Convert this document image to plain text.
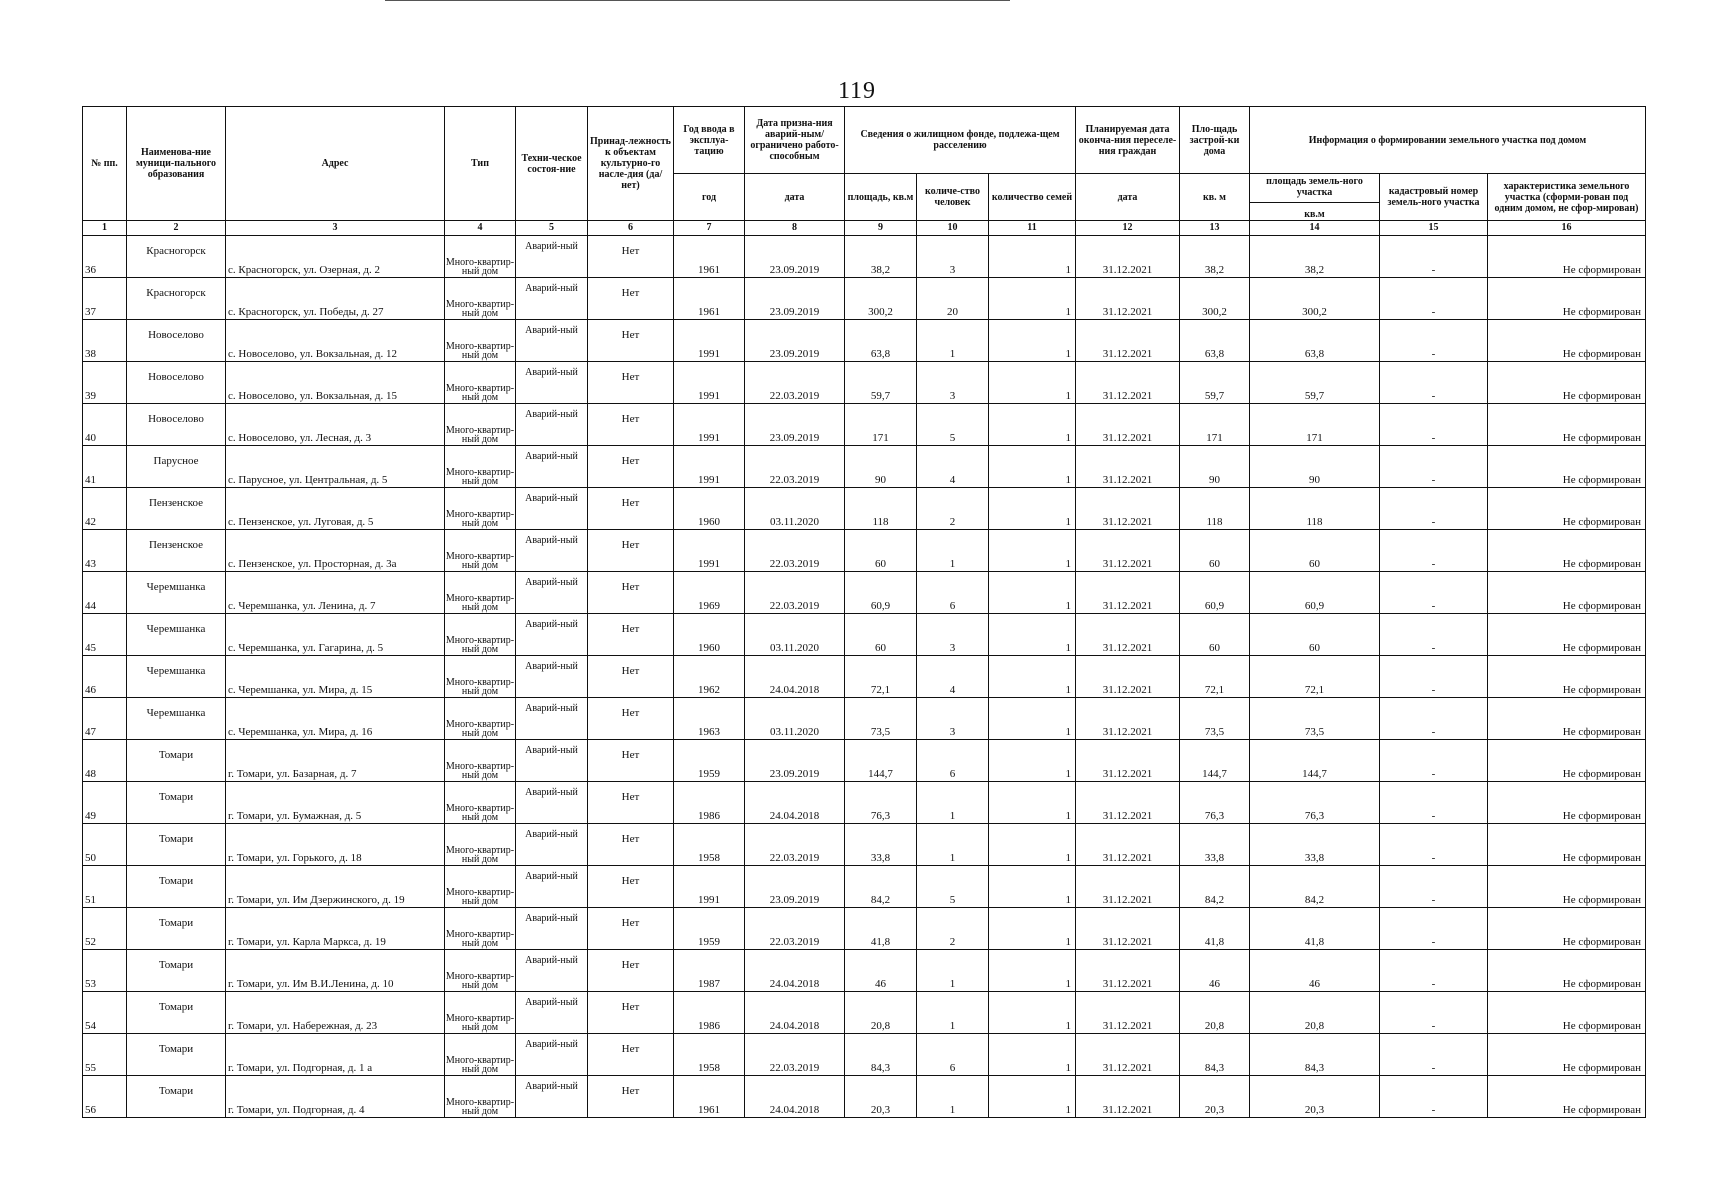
119
№ пп.	Наименова-ние муници-пального образования	Адрес	Тип	Техни-ческое состоя-ние	Принад-лежность к объектам культурно-го насле-дия (да/нет)	Год ввода в эксплуа-тацию	Дата призна-ния аварий-ным/ограничено работо-способным	Сведения о жилищном фонде, подлежа-щем расселению			Планируемая дата оконча-ния переселе-ния граждан	Пло-щадь застрой-ки дома	Информация о формировании земельного участка под домом		
						год	дата	площадь, кв.м	количе-ство человек	количество семей	дата	кв. м	площадь земель-ного участка
кв.м	кадастровый номер земель-ного участка	характеристика земельного участка (сформи-рован под одним домом, не сфор-мирован)
1	2	3	4	5	6	7	8	9	10	11	12	13	14	15	16
36	Красногорск	с. Красногорск, ул. Озерная, д. 2	Много-квартир-ный дом	Аварий-ный	Нет	1961	23.09.2019	38,2	3	1	31.12.2021	38,2	38,2	-	Не сформирован
37	Красногорск	с. Красногорск, ул. Победы, д. 27	Много-квартир-ный дом	Аварий-ный	Нет	1961	23.09.2019	300,2	20	1	31.12.2021	300,2	300,2	-	Не сформирован
38	Новоселово	с. Новоселово, ул. Вокзальная, д. 12	Много-квартир-ный дом	Аварий-ный	Нет	1991	23.09.2019	63,8	1	1	31.12.2021	63,8	63,8	-	Не сформирован
39	Новоселово	с. Новоселово, ул. Вокзальная, д. 15	Много-квартир-ный дом	Аварий-ный	Нет	1991	22.03.2019	59,7	3	1	31.12.2021	59,7	59,7	-	Не сформирован
40	Новоселово	с. Новоселово, ул. Лесная, д. 3	Много-квартир-ный дом	Аварий-ный	Нет	1991	23.09.2019	171	5	1	31.12.2021	171	171	-	Не сформирован
41	Парусное	с. Парусное, ул. Центральная, д. 5	Много-квартир-ный дом	Аварий-ный	Нет	1991	22.03.2019	90	4	1	31.12.2021	90	90	-	Не сформирован
42	Пензенское	с. Пензенское, ул. Луговая, д. 5	Много-квартир-ный дом	Аварий-ный	Нет	1960	03.11.2020	118	2	1	31.12.2021	118	118	-	Не сформирован
43	Пензенское	с. Пензенское, ул. Просторная, д. 3а	Много-квартир-ный дом	Аварий-ный	Нет	1991	22.03.2019	60	1	1	31.12.2021	60	60	-	Не сформирован
44	Черемшанка	с. Черемшанка, ул. Ленина, д. 7	Много-квартир-ный дом	Аварий-ный	Нет	1969	22.03.2019	60,9	6	1	31.12.2021	60,9	60,9	-	Не сформирован
45	Черемшанка	с. Черемшанка, ул. Гагарина, д. 5	Много-квартир-ный дом	Аварий-ный	Нет	1960	03.11.2020	60	3	1	31.12.2021	60	60	-	Не сформирован
46	Черемшанка	с. Черемшанка, ул. Мира, д. 15	Много-квартир-ный дом	Аварий-ный	Нет	1962	24.04.2018	72,1	4	1	31.12.2021	72,1	72,1	-	Не сформирован
47	Черемшанка	с. Черемшанка, ул. Мира, д. 16	Много-квартир-ный дом	Аварий-ный	Нет	1963	03.11.2020	73,5	3	1	31.12.2021	73,5	73,5	-	Не сформирован
48	Томари	г. Томари, ул. Базарная, д. 7	Много-квартир-ный дом	Аварий-ный	Нет	1959	23.09.2019	144,7	6	1	31.12.2021	144,7	144,7	-	Не сформирован
49	Томари	г. Томари, ул. Бумажная, д. 5	Много-квартир-ный дом	Аварий-ный	Нет	1986	24.04.2018	76,3	1	1	31.12.2021	76,3	76,3	-	Не сформирован
50	Томари	г. Томари, ул. Горького, д. 18	Много-квартир-ный дом	Аварий-ный	Нет	1958	22.03.2019	33,8	1	1	31.12.2021	33,8	33,8	-	Не сформирован
51	Томари	г. Томари, ул. Им Дзержинского, д. 19	Много-квартир-ный дом	Аварий-ный	Нет	1991	23.09.2019	84,2	5	1	31.12.2021	84,2	84,2	-	Не сформирован
52	Томари	г. Томари, ул. Карла Маркса, д. 19	Много-квартир-ный дом	Аварий-ный	Нет	1959	22.03.2019	41,8	2	1	31.12.2021	41,8	41,8	-	Не сформирован
53	Томари	г. Томари, ул. Им В.И.Ленина, д. 10	Много-квартир-ный дом	Аварий-ный	Нет	1987	24.04.2018	46	1	1	31.12.2021	46	46	-	Не сформирован
54	Томари	г. Томари, ул. Набережная, д. 23	Много-квартир-ный дом	Аварий-ный	Нет	1986	24.04.2018	20,8	1	1	31.12.2021	20,8	20,8	-	Не сформирован
55	Томари	г. Томари, ул. Подгорная, д. 1 а	Много-квартир-ный дом	Аварий-ный	Нет	1958	22.03.2019	84,3	6	1	31.12.2021	84,3	84,3	-	Не сформирован
56	Томари	г. Томари, ул. Подгорная, д. 4	Много-квартир-ный дом	Аварий-ный	Нет	1961	24.04.2018	20,3	1	1	31.12.2021	20,3	20,3	-	Не сформирован
